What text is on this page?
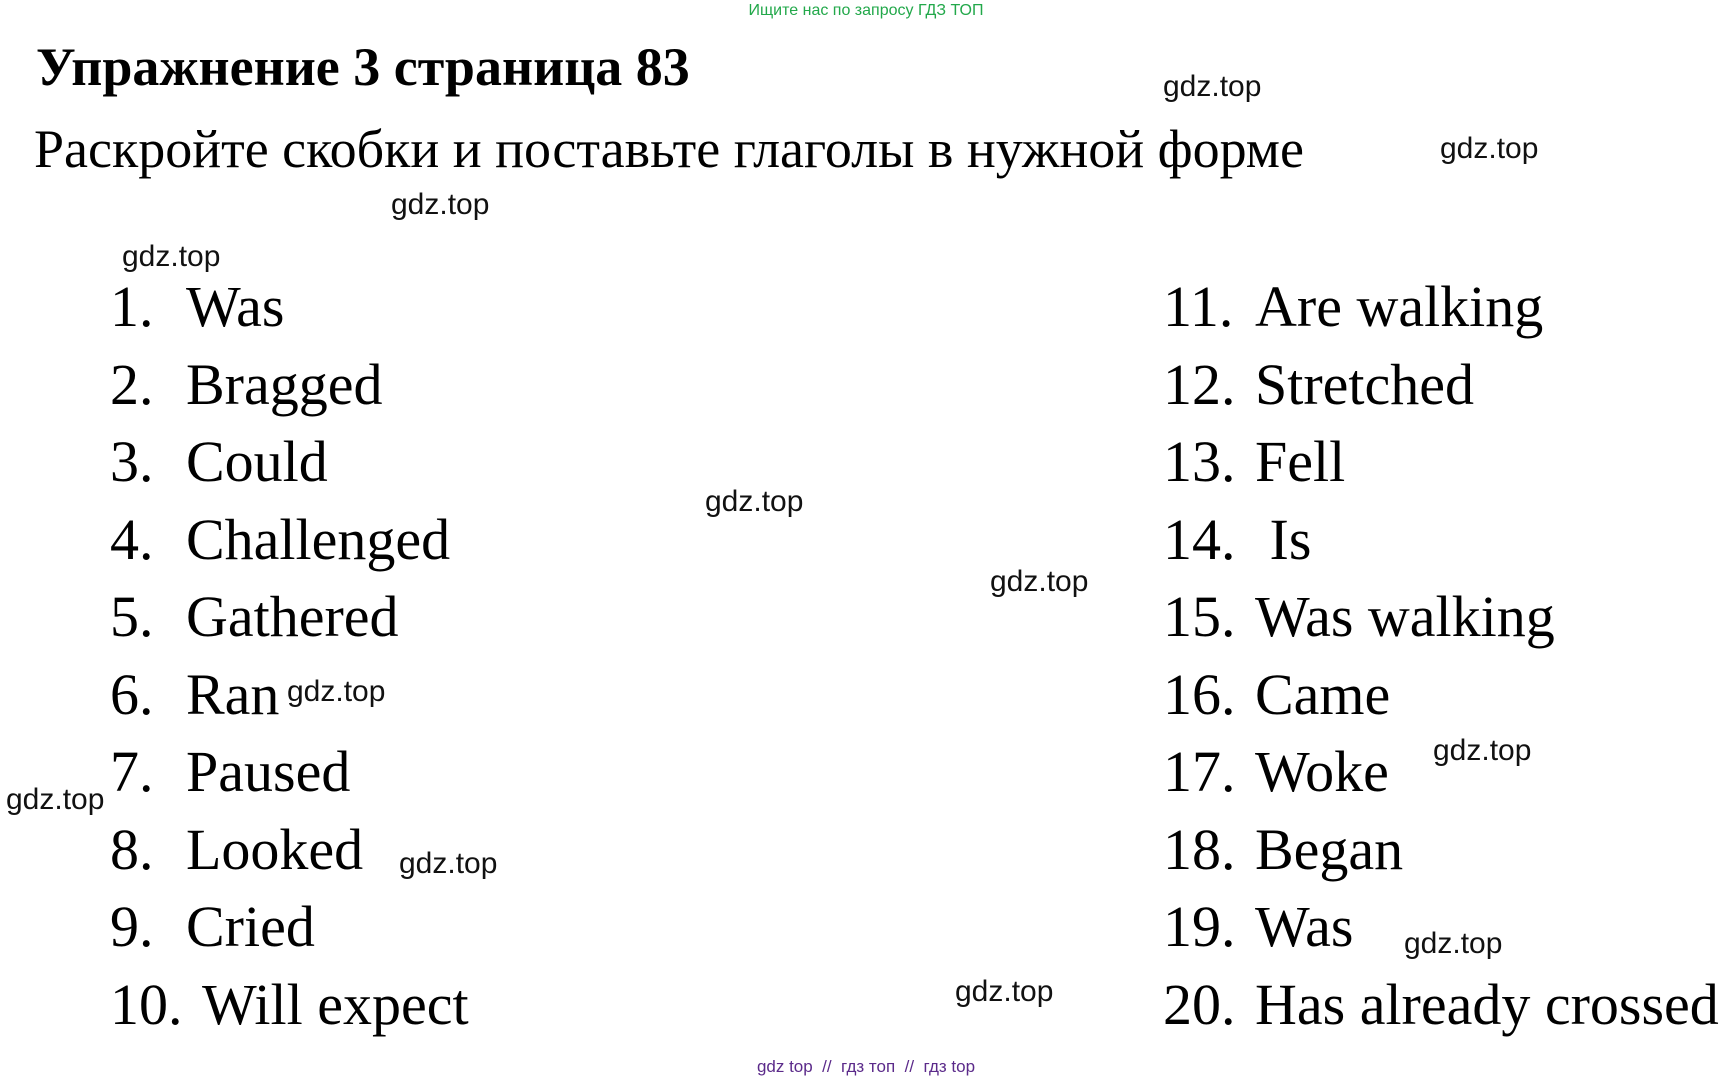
Ищите нас по запросу ГДЗ ТОП
Упражнение 3 страница 83
Раскройте скобки и поставьте глаголы в нужной форме
gdz.top
gdz.top
gdz.top
gdz.top
gdz.top
gdz.top
gdz.top
gdz.top
gdz.top
gdz.top
gdz.top
gdz.top
1. Was
2. Bragged
3. Could
4. Challenged
5. Gathered
6. Ran
7. Paused
8. Looked
9. Cried
10. Will expect
11. Are walking
12. Stretched
13. Fell
14. Is
15. Was walking
16. Came
17. Woke
18. Began
19. Was
20. Has already crossed
gdz top  //  гдз топ  //  гдз top
